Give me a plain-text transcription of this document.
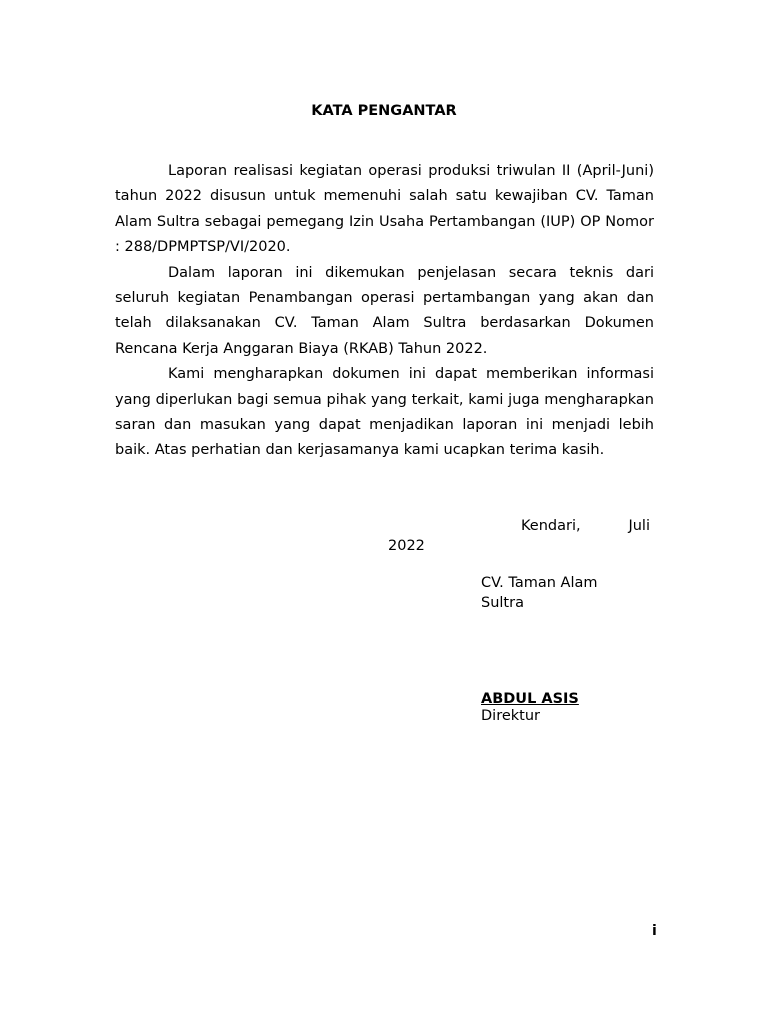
KATA PENGANTAR

Laporan realisasi kegiatan operasi produksi triwulan II (April-Juni) tahun 2022 disusun untuk memenuhi salah satu kewajiban CV. Taman Alam Sultra sebagai pemegang Izin Usaha Pertambangan (IUP) OP Nomor : 288/DPMPTSP/VI/2020.

Dalam laporan ini dikemukan penjelasan secara teknis dari seluruh kegiatan Penambangan operasi pertambangan yang akan dan telah dilaksanakan CV. Taman Alam Sultra berdasarkan Dokumen Rencana Kerja Anggaran Biaya (RKAB) Tahun 2022.

Kami mengharapkan dokumen ini dapat memberikan informasi yang diperlukan bagi semua pihak yang terkait, kami juga mengharapkan saran dan masukan yang dapat menjadikan laporan ini menjadi lebih baik. Atas perhatian dan kerjasamanya kami ucapkan terima kasih.

Kendari,	Juli
2022
CV. Taman Alam Sultra
ABDUL ASIS
Direktur
i
